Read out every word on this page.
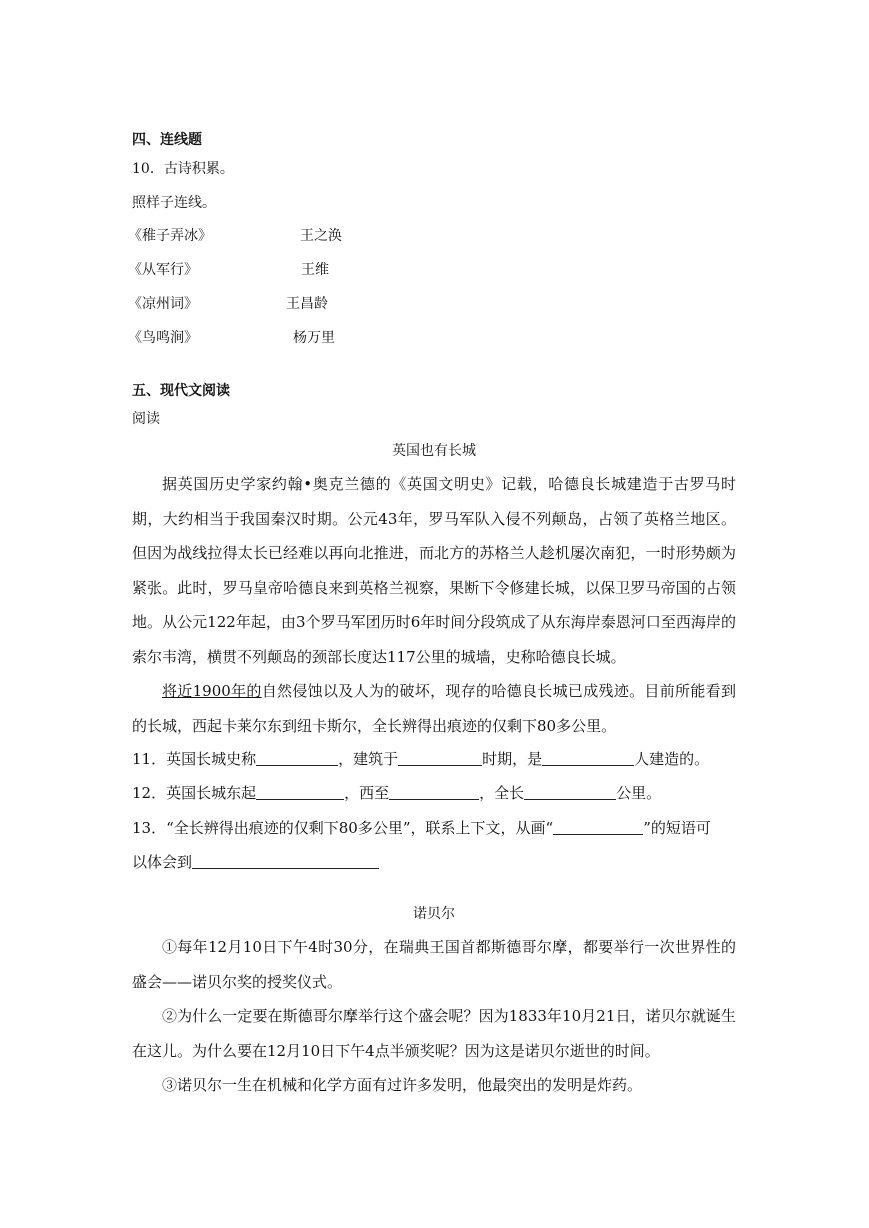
四、连线题
10．古诗积累。
照样子连线。
《稚子弄冰》	王之涣
《从军行》	王维
《凉州词》	王昌龄
《鸟鸣涧》	杨万里
五、现代文阅读
阅读
英国也有长城

据英国历史学家约翰•奥克兰德的《英国文明史》记载，哈德良长城建造于古罗马时期，大约相当于我国秦汉时期。公元43年，罗马军队入侵不列颠岛，占领了英格兰地区。但因为战线拉得太长已经难以再向北推进，而北方的苏格兰人趁机屡次南犯，一时形势颇为紧张。此时，罗马皇帝哈德良来到英格兰视察，果断下令修建长城，以保卫罗马帝国的占领地。从公元122年起，由3个罗马军团历时6年时间分段筑成了从东海岸泰恩河口至西海岸的索尔韦湾，横贯不列颠岛的颈部长度达117公里的城墙，史称哈德良长城。

将近1900年的自然侵蚀以及人为的破坏，现存的哈德良长城已成残迹。目前所能看到的长城，西起卡莱尔东到纽卡斯尔，全长辨得出痕迹的仅剩下80多公里。

11．英国长城史称	，建筑于	时期，是	人建造的。
12．英国长城东起	，西至	，全长	公里。
13．“全长辨得出痕迹的仅剩下80多公里”，联系上下文，从画“	”的短语可
以体会到
诺贝尔

①每年12月10日下午4时30分，在瑞典王国首都斯德哥尔摩，都要举行一次世界性的盛会——诺贝尔奖的授奖仪式。

②为什么一定要在斯德哥尔摩举行这个盛会呢？因为1833年10月21日，诺贝尔就诞生在这儿。为什么要在12月10日下午4点半颁奖呢？因为这是诺贝尔逝世的时间。

③诺贝尔一生在机械和化学方面有过许多发明，他最突出的发明是炸药。
